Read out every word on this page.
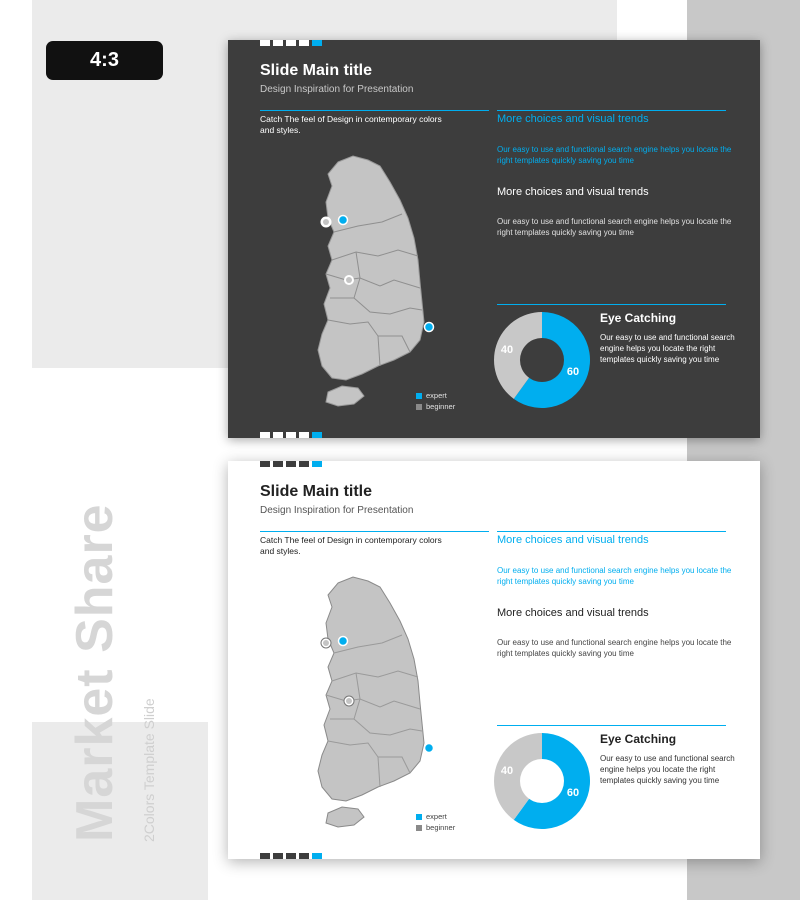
4:3
Market Share 2Colors Template Slide
Slide Main title
Design Inspiration for Presentation
Catch The feel of Design in contemporary colors and styles.
expert
beginner
More choices and visual trends
Our easy to use and functional search engine helps you locate the right templates quickly saving you time
More choices and visual trends
Our easy to use and functional search engine helps you locate the right templates quickly saving you time
60
40
Eye Catching
Our easy to use and functional search engine helps you locate the right templates quickly saving you time
Slide Main title
Design Inspiration for Presentation
Catch The feel of Design in contemporary colors and styles.
expert
beginner
More choices and visual trends
Our easy to use and functional search engine helps you locate the right templates quickly saving you time
More choices and visual trends
Our easy to use and functional search engine helps you locate the right templates quickly saving you time
60
40
Eye Catching
Our easy to use and functional search engine helps you locate the right templates quickly saving you time
